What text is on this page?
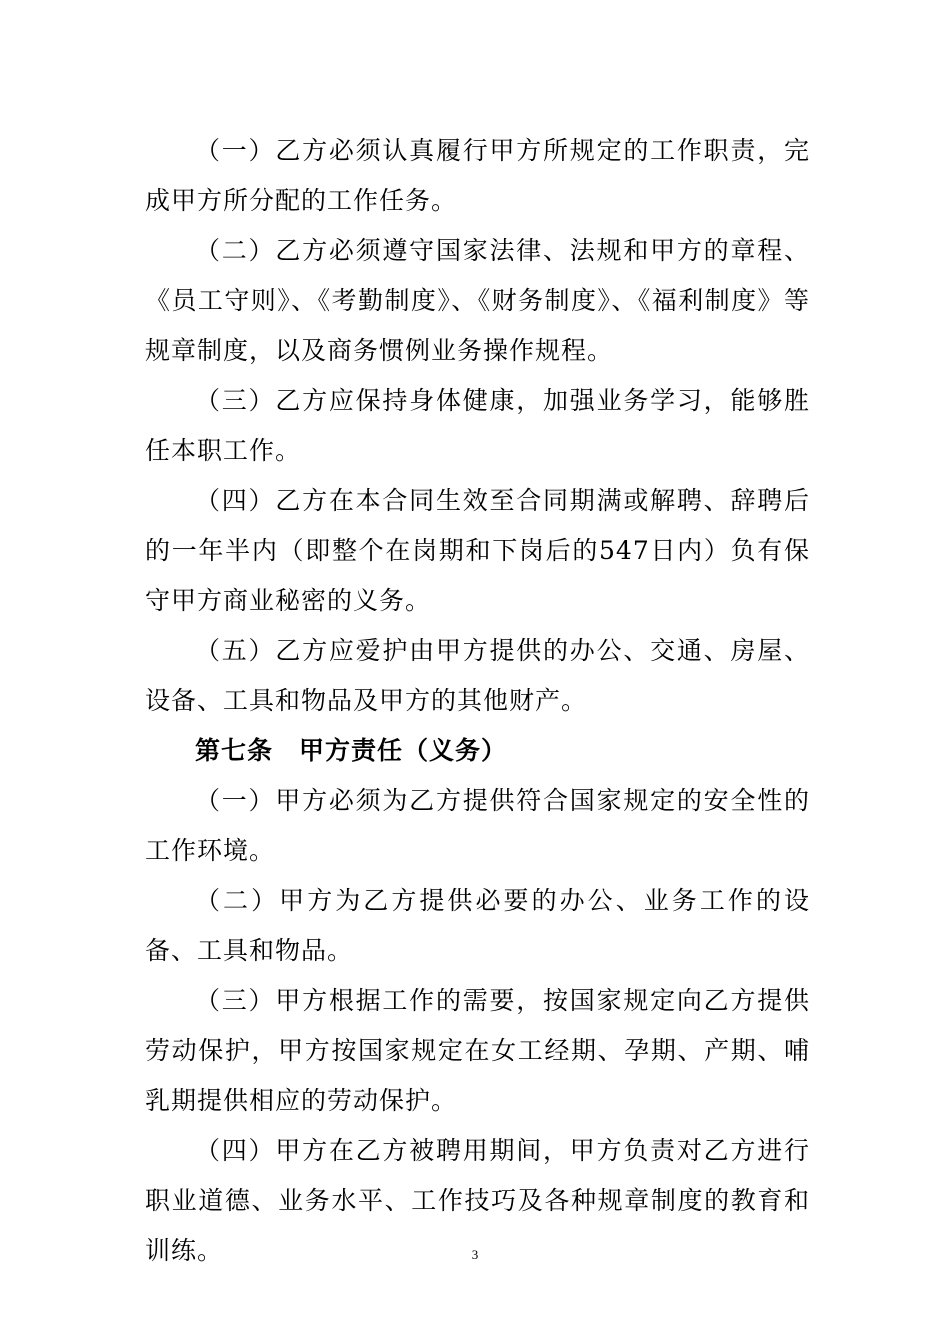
（一）乙方必须认真履行甲方所规定的工作职责，完成甲方所分配的工作任务。

（二）乙方必须遵守国家法律、法规和甲方的章程、《员工守则》、《考勤制度》、《财务制度》、《福利制度》等规章制度，以及商务惯例业务操作规程。

（三）乙方应保持身体健康，加强业务学习，能够胜任本职工作。

（四）乙方在本合同生效至合同期满或解聘、辞聘后的一年半内（即整个在岗期和下岗后的547日内）负有保守甲方商业秘密的义务。

（五）乙方应爱护由甲方提供的办公、交通、房屋、设备、工具和物品及甲方的其他财产。

第七条　甲方责任（义务）

（一）甲方必须为乙方提供符合国家规定的安全性的工作环境。

（二）甲方为乙方提供必要的办公、业务工作的设备、工具和物品。

（三）甲方根据工作的需要，按国家规定向乙方提供劳动保护，甲方按国家规定在女工经期、孕期、产期、哺乳期提供相应的劳动保护。

（四）甲方在乙方被聘用期间，甲方负责对乙方进行职业道德、业务水平、工作技巧及各种规章制度的教育和训练。	3
